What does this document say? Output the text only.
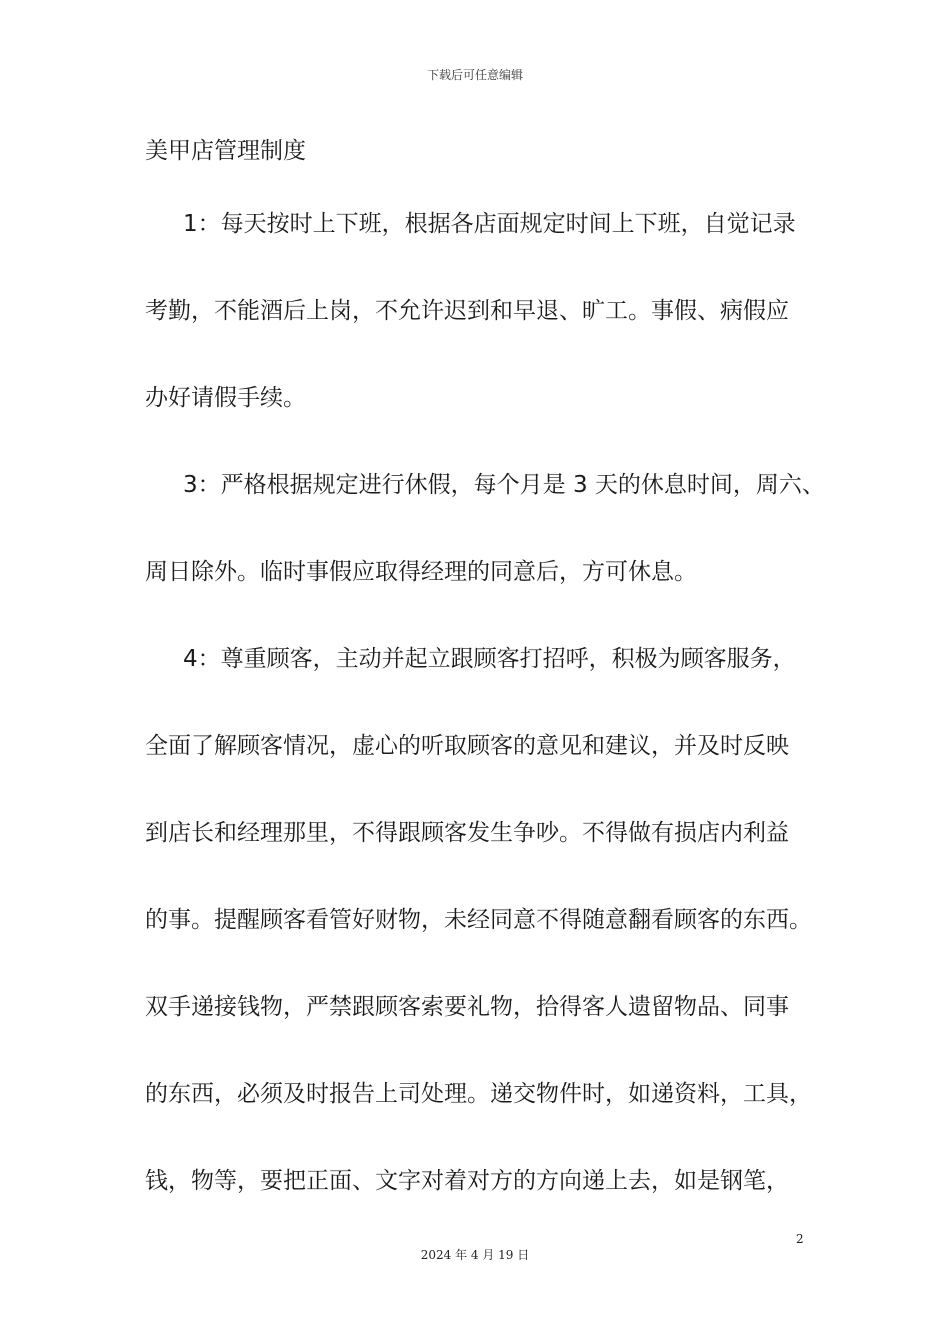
下载后可任意编辑
美甲店管理制度
1：每天按时上下班，根据各店面规定时间上下班，自觉记录
考勤，不能酒后上岗，不允许迟到和早退、旷工。事假、病假应
办好请假手续。
3：严格根据规定进行休假，每个月是 3 天的休息时间，周六、
周日除外。临时事假应取得经理的同意后，方可休息。
4：尊重顾客，主动并起立跟顾客打招呼，积极为顾客服务，
全面了解顾客情况，虚心的听取顾客的意见和建议，并及时反映
到店长和经理那里，不得跟顾客发生争吵。不得做有损店内利益
的事。提醒顾客看管好财物，未经同意不得随意翻看顾客的东西。
双手递接钱物，严禁跟顾客索要礼物，拾得客人遗留物品、同事
的东西，必须及时报告上司处理。递交物件时，如递资料，工具，
钱，物等，要把正面、文字对着对方的方向递上去，如是钢笔，
2
2024 年 4 月 19 日
